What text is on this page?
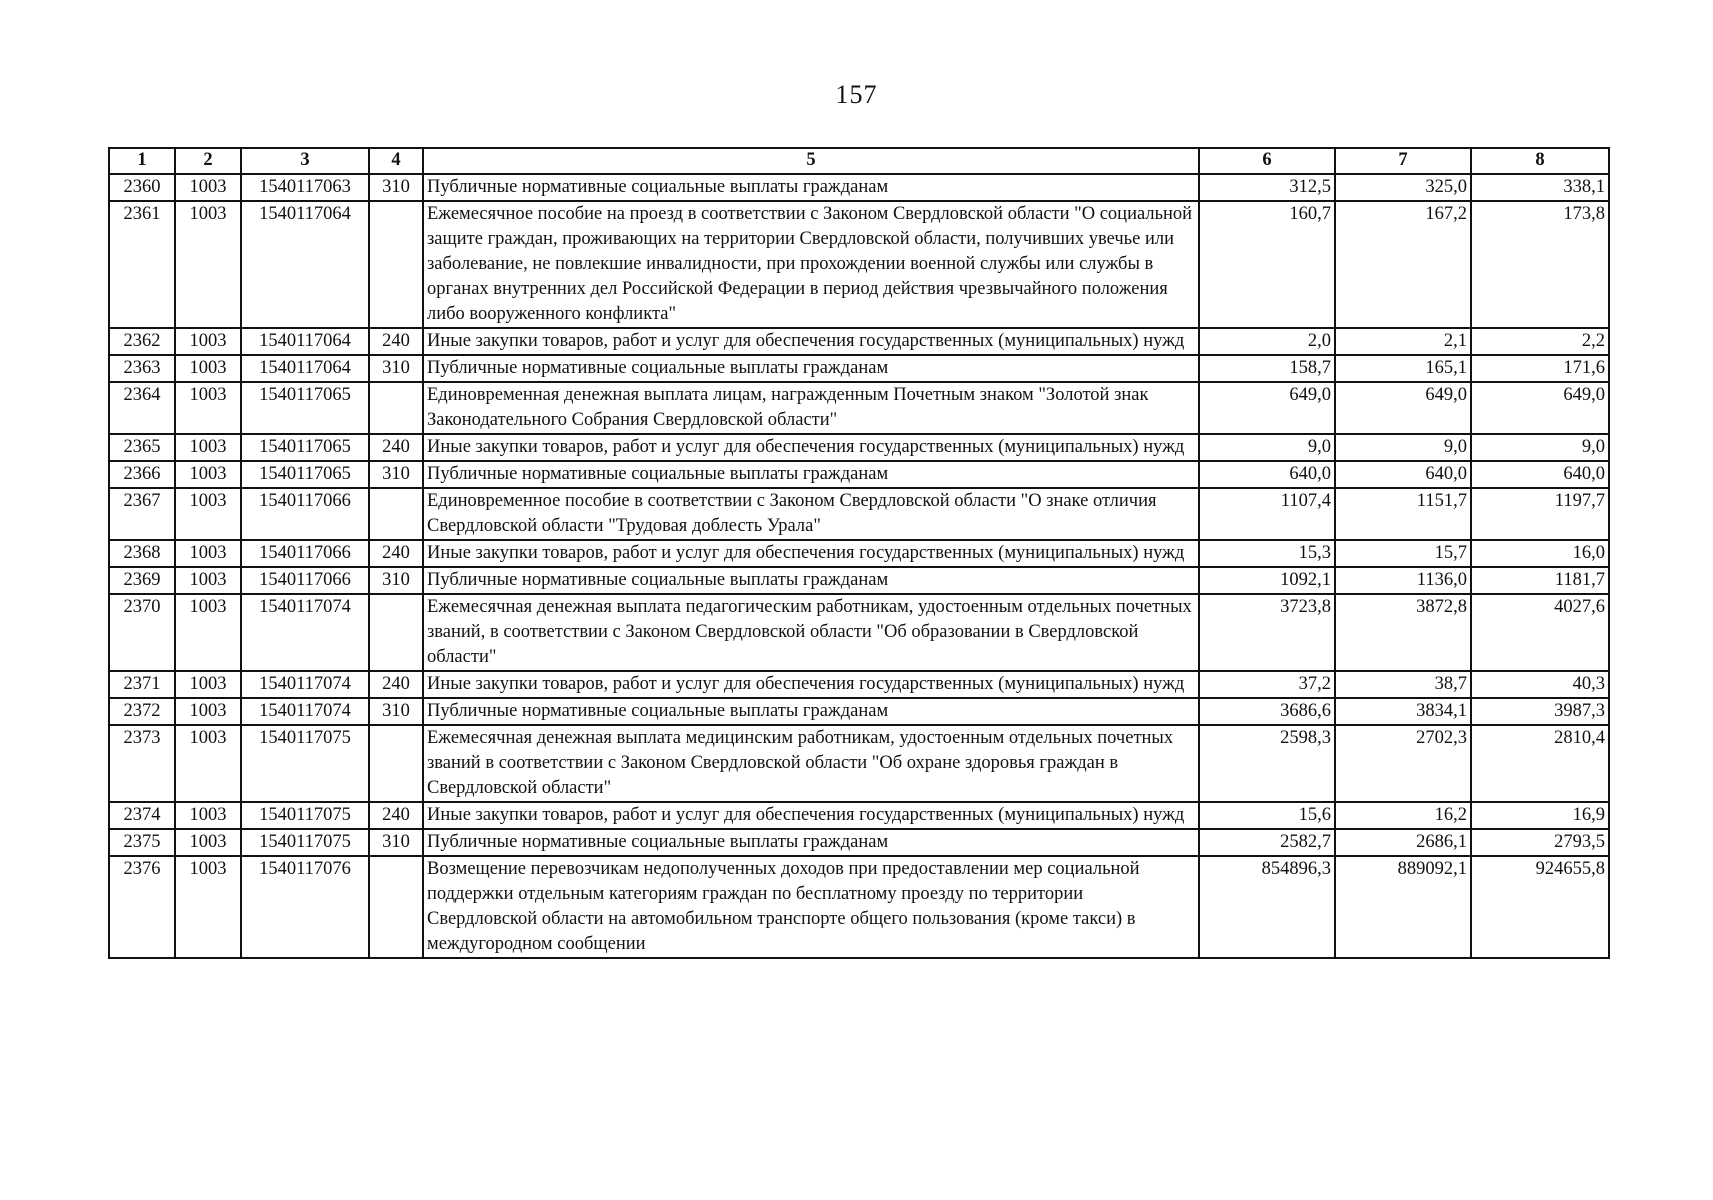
157
1	2	3	4	5	6	7	8
2360	1003	1540117063	310	Публичные нормативные социальные выплаты гражданам	312,5	325,0	338,1
2361	1003	1540117064		Ежемесячное пособие на проезд в соответствии с Законом Свердловской области "О социальной защите граждан, проживающих на территории Свердловской области, получивших увечье или заболевание, не повлекшие инвалидности, при прохождении военной службы или службы в органах внутренних дел Российской Федерации в период действия чрезвычайного положения либо вооруженного конфликта"	160,7	167,2	173,8
2362	1003	1540117064	240	Иные закупки товаров, работ и услуг для обеспечения государственных (муниципальных) нужд	2,0	2,1	2,2
2363	1003	1540117064	310	Публичные нормативные социальные выплаты гражданам	158,7	165,1	171,6
2364	1003	1540117065		Единовременная денежная выплата лицам, награжденным Почетным знаком "Золотой знак Законодательного Собрания Свердловской области"	649,0	649,0	649,0
2365	1003	1540117065	240	Иные закупки товаров, работ и услуг для обеспечения государственных (муниципальных) нужд	9,0	9,0	9,0
2366	1003	1540117065	310	Публичные нормативные социальные выплаты гражданам	640,0	640,0	640,0
2367	1003	1540117066		Единовременное пособие в соответствии с Законом Свердловской области "О знаке отличия Свердловской области "Трудовая доблесть Урала"	1107,4	1151,7	1197,7
2368	1003	1540117066	240	Иные закупки товаров, работ и услуг для обеспечения государственных (муниципальных) нужд	15,3	15,7	16,0
2369	1003	1540117066	310	Публичные нормативные социальные выплаты гражданам	1092,1	1136,0	1181,7
2370	1003	1540117074		Ежемесячная денежная выплата педагогическим работникам, удостоенным отдельных почетных званий, в соответствии с Законом Свердловской области "Об образовании в Свердловской области"	3723,8	3872,8	4027,6
2371	1003	1540117074	240	Иные закупки товаров, работ и услуг для обеспечения государственных (муниципальных) нужд	37,2	38,7	40,3
2372	1003	1540117074	310	Публичные нормативные социальные выплаты гражданам	3686,6	3834,1	3987,3
2373	1003	1540117075		Ежемесячная денежная выплата медицинским работникам, удостоенным отдельных почетных званий в соответствии с Законом Свердловской области "Об охране здоровья граждан в Свердловской области"	2598,3	2702,3	2810,4
2374	1003	1540117075	240	Иные закупки товаров, работ и услуг для обеспечения государственных (муниципальных) нужд	15,6	16,2	16,9
2375	1003	1540117075	310	Публичные нормативные социальные выплаты гражданам	2582,7	2686,1	2793,5
2376	1003	1540117076		Возмещение перевозчикам недополученных доходов при предоставлении мер социальной поддержки отдельным категориям граждан по бесплатному проезду по территории Свердловской области на автомобильном транспорте общего пользования (кроме такси) в междугородном сообщении	854896,3	889092,1	924655,8
